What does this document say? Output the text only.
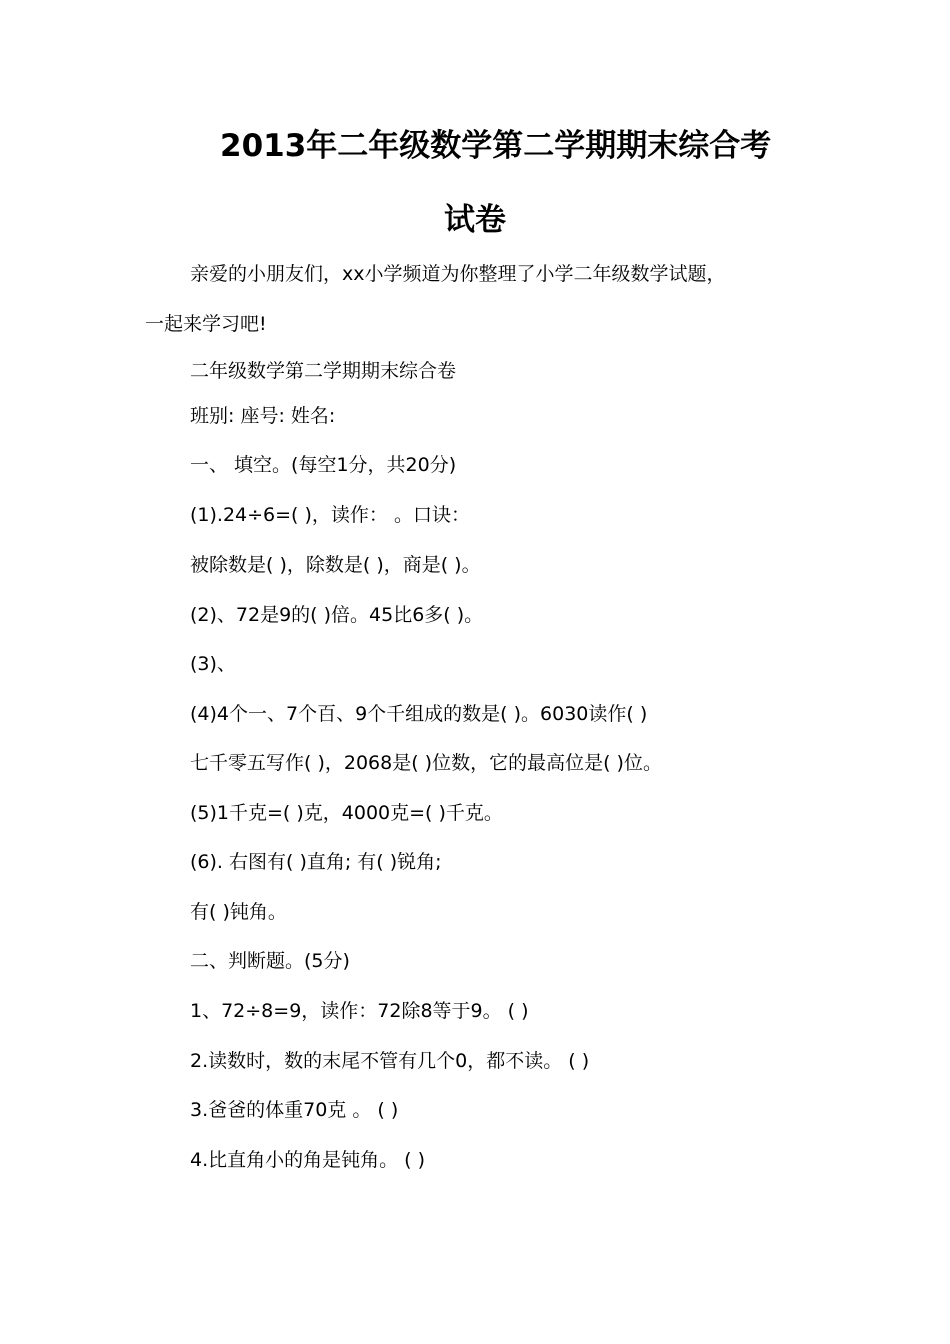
2013年二年级数学第二学期期末综合考
试卷
亲爱的小朋友们，xx小学频道为你整理了小学二年级数学试题，
一起来学习吧!
二年级数学第二学期期末综合卷
班别: 座号: 姓名:
一、 填空。(每空1分，共20分)
(1).24÷6=( )，读作： 。口诀：
被除数是( )，除数是( )，商是( )。
(2)、72是9的( )倍。45比6多( )。
(3)、
(4)4个一、7个百、9个千组成的数是( )。6030读作( )
七千零五写作( )，2068是( )位数，它的最高位是( )位。
(5)1千克=( )克，4000克=( )千克。
(6). 右图有( )直角; 有( )锐角;
有( )钝角。
二、判断题。(5分)
1、72÷8=9，读作：72除8等于9。 ( )
2.读数时，数的末尾不管有几个0，都不读。 ( )
3.爸爸的体重70克 。 ( )
4.比直角小的角是钝角。 ( )
